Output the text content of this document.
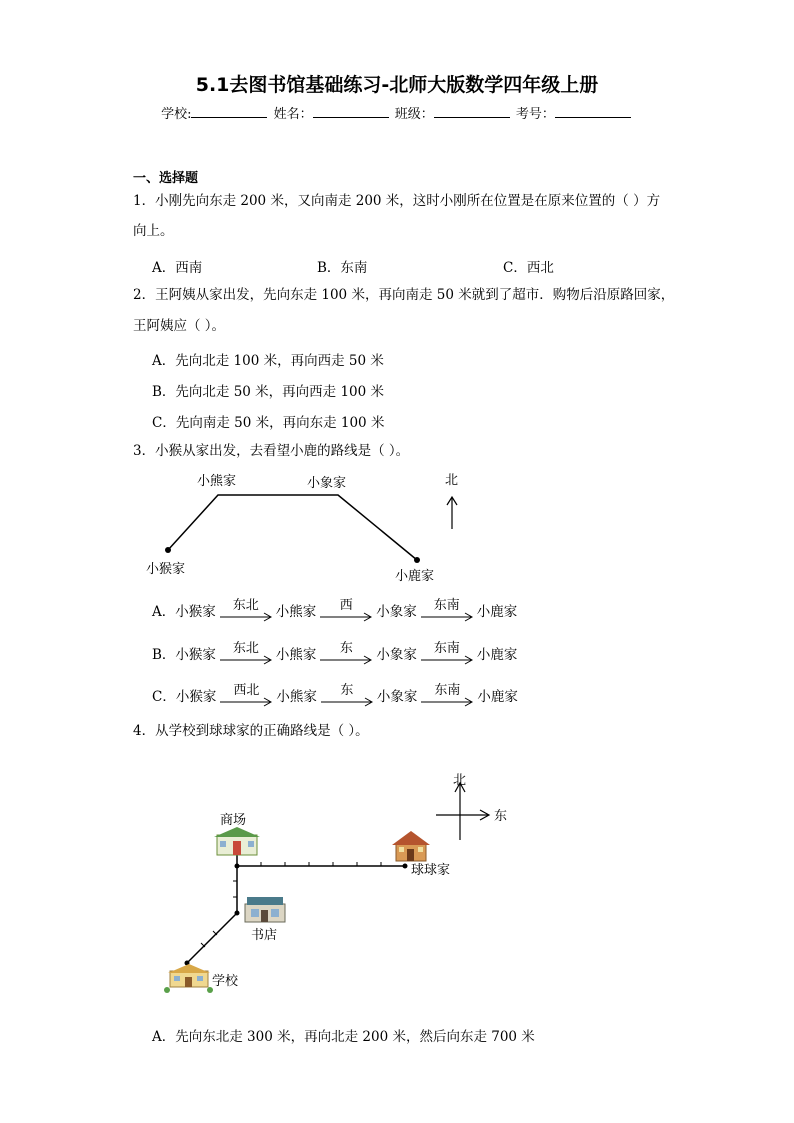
5.1去图书馆基础练习-北师大版数学四年级上册
学校:	姓名：	班级：	考号：
一、选择题
1．小刚先向东走 200 米，又向南走 200 米，这时小刚所在位置是在原来位置的（ ）方
向上。
A．西南	B．东南	C．西北
2．王阿姨从家出发，先向东走 100 米，再向南走 50 米就到了超市．购物后沿原路回家，
王阿姨应（ ）。
A．先向北走 100 米，再向西走 50 米
B．先向北走 50 米，再向西走 100 米
C．先向南走 50 米，再向东走 100 米
3．小猴从家出发，去看望小鹿的路线是（ ）。
小熊家	小象家
小猴家	小鹿家
北
A． 小猴家	东北	小熊家	西	小象家	东南	小鹿家
B． 小猴家	东北	小熊家	东	小象家	东南	小鹿家
C． 小猴家	西北	小熊家	东	小象家	东南	小鹿家
4．从学校到球球家的正确路线是（ ）。
北
东
商场
球球家
书店
学校
A．先向东北走 300 米，再向北走 200 米，然后向东走 700 米
